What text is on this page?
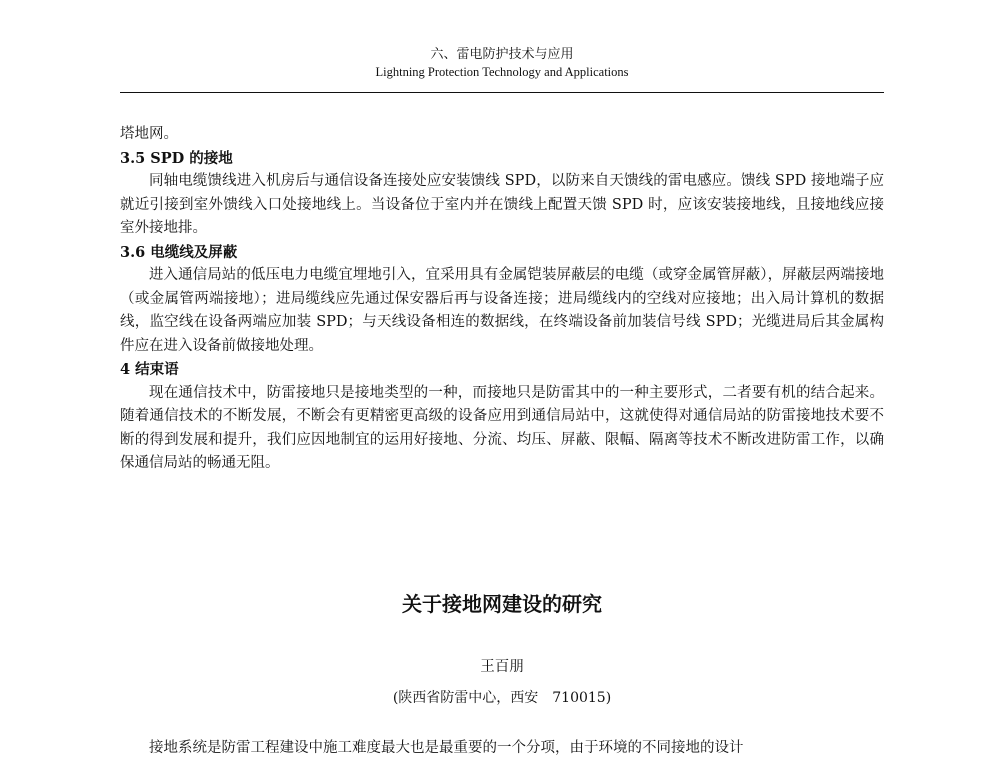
六、雷电防护技术与应用
Lightning Protection Technology and Applications

塔地网。

3.5 SPD 的接地

同轴电缆馈线进入机房后与通信设备连接处应安装馈线 SPD，以防来自天馈线的雷电感应。馈线 SPD 接地端子应就近引接到室外馈线入口处接地线上。当设备位于室内并在馈线上配置天馈 SPD 时，应该安装接地线，且接地线应接室外接地排。

3.6 电缆线及屏蔽

进入通信局站的低压电力电缆宜埋地引入，宜采用具有金属铠装屏蔽层的电缆（或穿金属管屏蔽），屏蔽层两端接地（或金属管两端接地）；进局缆线应先通过保安器后再与设备连接；进局缆线内的空线对应接地；出入局计算机的数据线，监空线在设备两端应加装 SPD；与天线设备相连的数据线，在终端设备前加装信号线 SPD；光缆进局后其金属构件应在进入设备前做接地处理。

4 结束语

现在通信技术中，防雷接地只是接地类型的一种，而接地只是防雷其中的一种主要形式，二者要有机的结合起来。随着通信技术的不断发展，不断会有更精密更高级的设备应用到通信局站中，这就使得对通信局站的防雷接地技术要不断的得到发展和提升，我们应因地制宜的运用好接地、分流、均压、屏蔽、限幅、隔离等技术不断改进防雷工作，以确保通信局站的畅通无阻。

关于接地网建设的研究
王百朋
(陕西省防雷中心，西安　710015)
接地系统是防雷工程建设中施工难度最大也是最重要的一个分项，由于环境的不同接地的设计
